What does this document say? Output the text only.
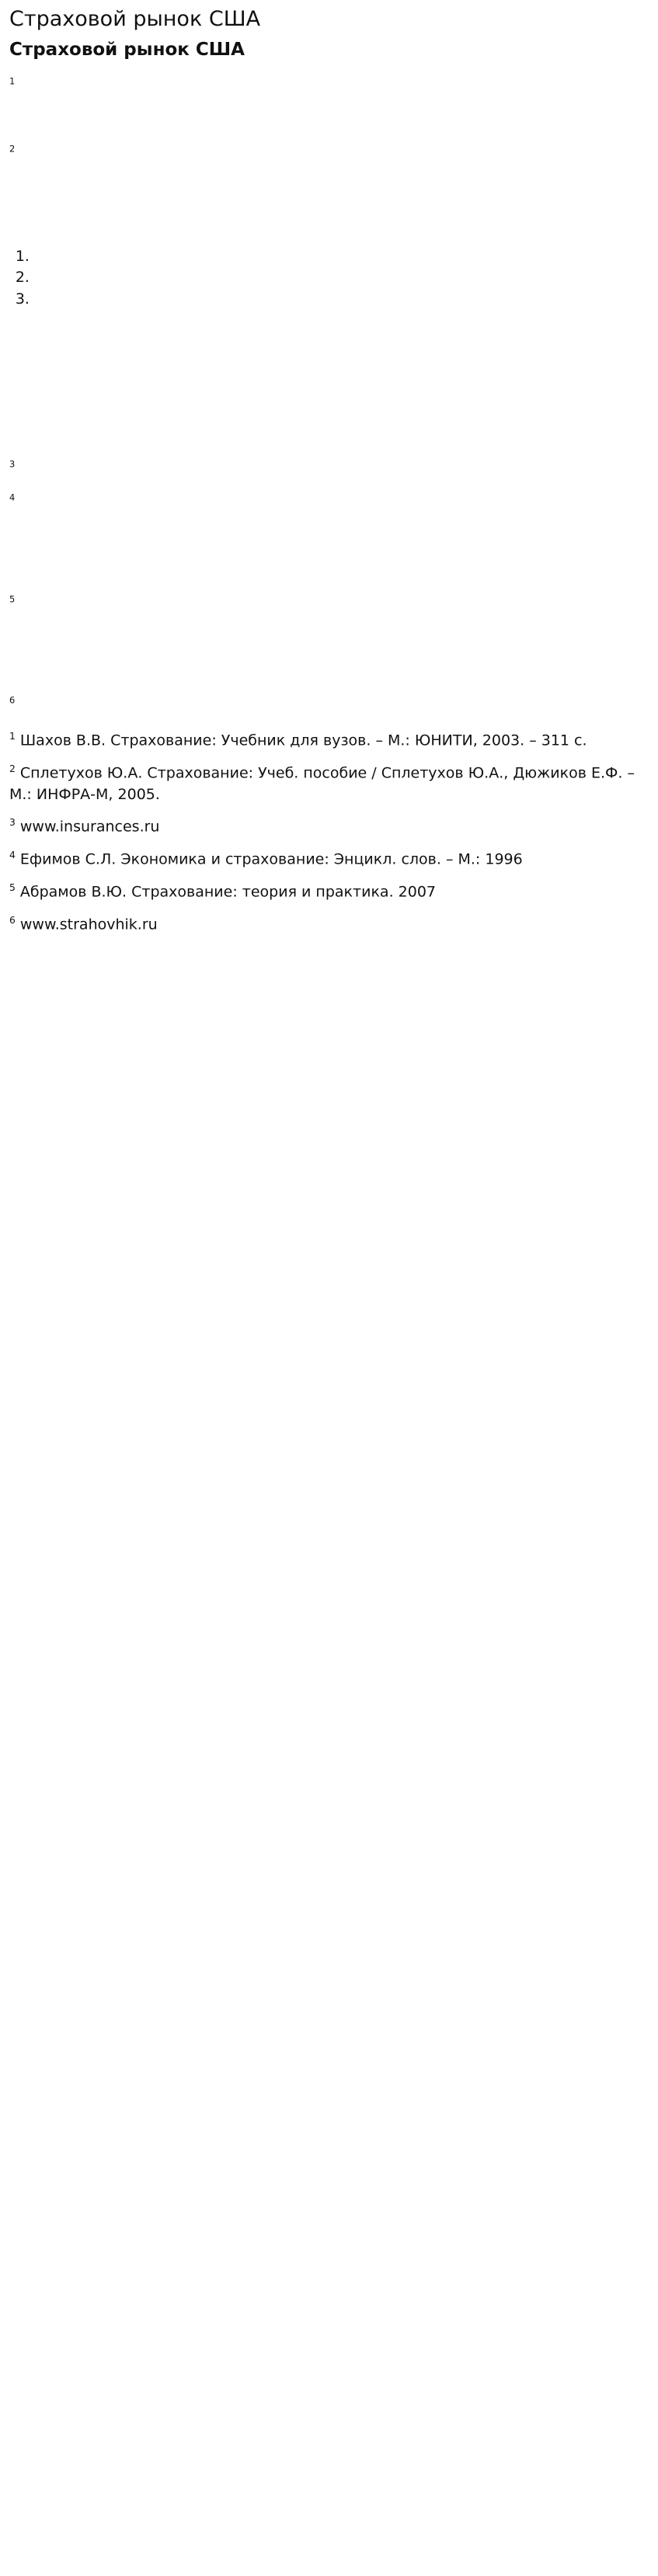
Страховой рынок США
Страховой рынок США

$^1$

$^2$

1.
2.
3.

$^3$

$^4$

$^5$

$^6$

$^1$ Шахов В.В. Страхование: Учебник для вузов. – М.: ЮНИТИ, 2003. – 311 с.

$^2$ Сплетухов Ю.А. Страхование: Учеб. пособие / Сплетухов Ю.А., Дюжиков Е.Ф. – М.: ИНФРА-М, 2005.

$^3$ www.insurances.ru

$^4$ Ефимов С.Л. Экономика и страхование: Энцикл. слов. – М.: 1996

$^5$ Абрамов В.Ю. Страхование: теория и практика. 2007

$^6$ www.strahovhik.ru
